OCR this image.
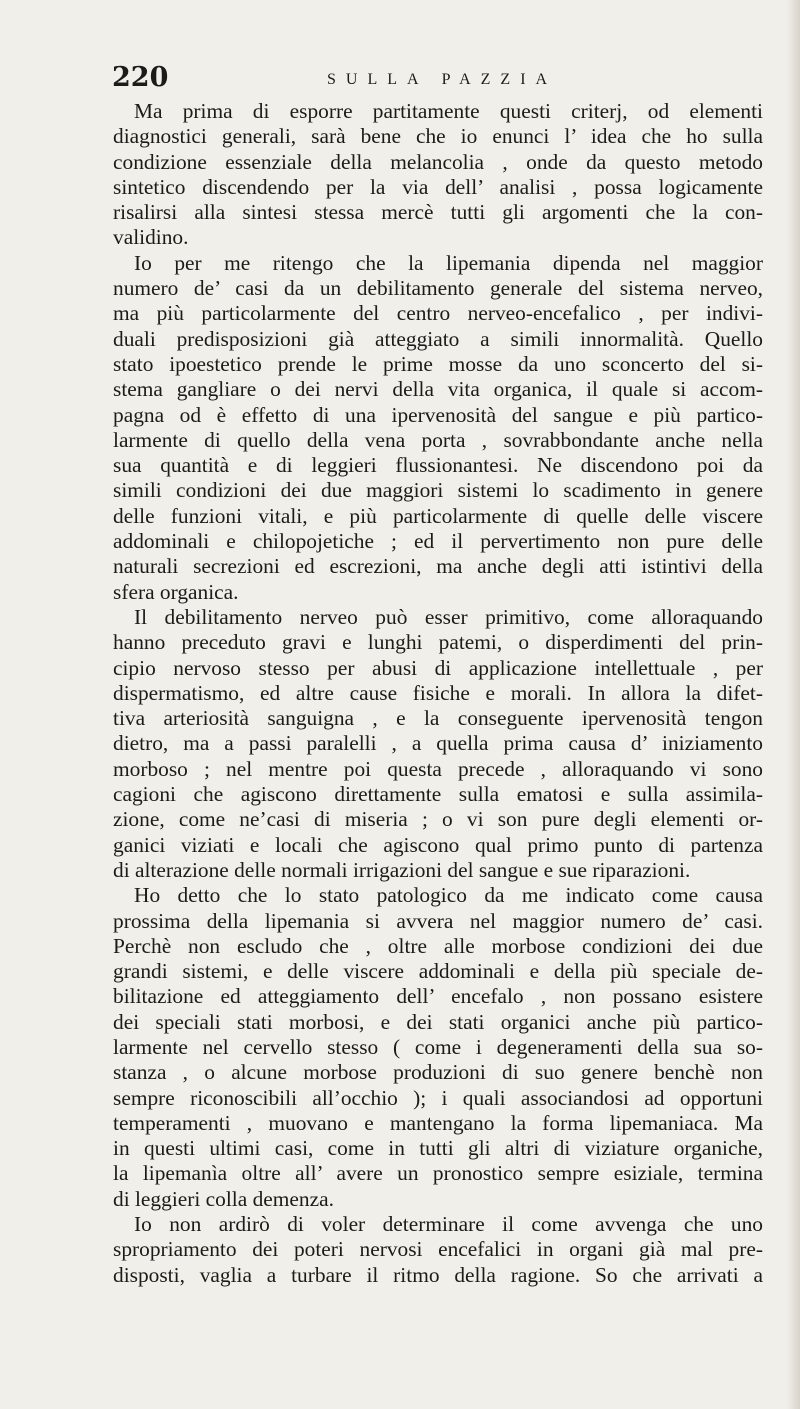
220	SULLA PAZZIA
Ma prima di esporre partitamente questi criterj, od elementi
diagnostici generali, sarà bene che io enunci l’ idea che ho sulla
condizione essenziale della melancolia , onde da questo metodo
sintetico discendendo per la via dell’ analisi , possa logicamente
risalirsi alla sintesi stessa mercè tutti gli argomenti che la con-
validino.
Io per me ritengo che la lipemania dipenda nel maggior
numero de’ casi da un debilitamento generale del sistema nerveo,
ma più particolarmente del centro nerveo-encefalico , per indivi-
duali predisposizioni già atteggiato a simili innormalità. Quello
stato ipoestetico prende le prime mosse da uno sconcerto del si-
stema gangliare o dei nervi della vita organica, il quale si accom-
pagna od è effetto di una ipervenosità del sangue e più partico-
larmente di quello della vena porta , sovrabbondante anche nella
sua quantità e di leggieri flussionantesi. Ne discendono poi da
simili condizioni dei due maggiori sistemi lo scadimento in genere
delle funzioni vitali, e più particolarmente di quelle delle viscere
addominali e chilopojetiche ; ed il pervertimento non pure delle
naturali secrezioni ed escrezioni, ma anche degli atti istintivi della
sfera organica.
Il debilitamento nerveo può esser primitivo, come alloraquando
hanno preceduto gravi e lunghi patemi, o disperdimenti del prin-
cipio nervoso stesso per abusi di applicazione intellettuale , per
dispermatismo, ed altre cause fisiche e morali. In allora la difet-
tiva arteriosità sanguigna , e la conseguente ipervenosità tengon
dietro, ma a passi paralelli , a quella prima causa d’ iniziamento
morboso ; nel mentre poi questa precede , alloraquando vi sono
cagioni che agiscono direttamente sulla ematosi e sulla assimila-
zione, come ne’casi di miseria ; o vi son pure degli elementi or-
ganici viziati e locali che agiscono qual primo punto di partenza
di alterazione delle normali irrigazioni del sangue e sue riparazioni.
Ho detto che lo stato patologico da me indicato come causa
prossima della lipemania si avvera nel maggior numero de’ casi.
Perchè non escludo che , oltre alle morbose condizioni dei due
grandi sistemi, e delle viscere addominali e della più speciale de-
bilitazione ed atteggiamento dell’ encefalo , non possano esistere
dei speciali stati morbosi, e dei stati organici anche più partico-
larmente nel cervello stesso ( come i degeneramenti della sua so-
stanza , o alcune morbose produzioni di suo genere benchè non
sempre riconoscibili all’occhio ); i quali associandosi ad opportuni
temperamenti , muovano e mantengano la forma lipemaniaca. Ma
in questi ultimi casi, come in tutti gli altri di viziature organiche,
la lipemanìa oltre all’ avere un pronostico sempre esiziale, termina
di leggieri colla demenza.
Io non ardirò di voler determinare il come avvenga che uno
spropriamento dei poteri nervosi encefalici in organi già mal pre-
disposti, vaglia a turbare il ritmo della ragione. So che arrivati a
